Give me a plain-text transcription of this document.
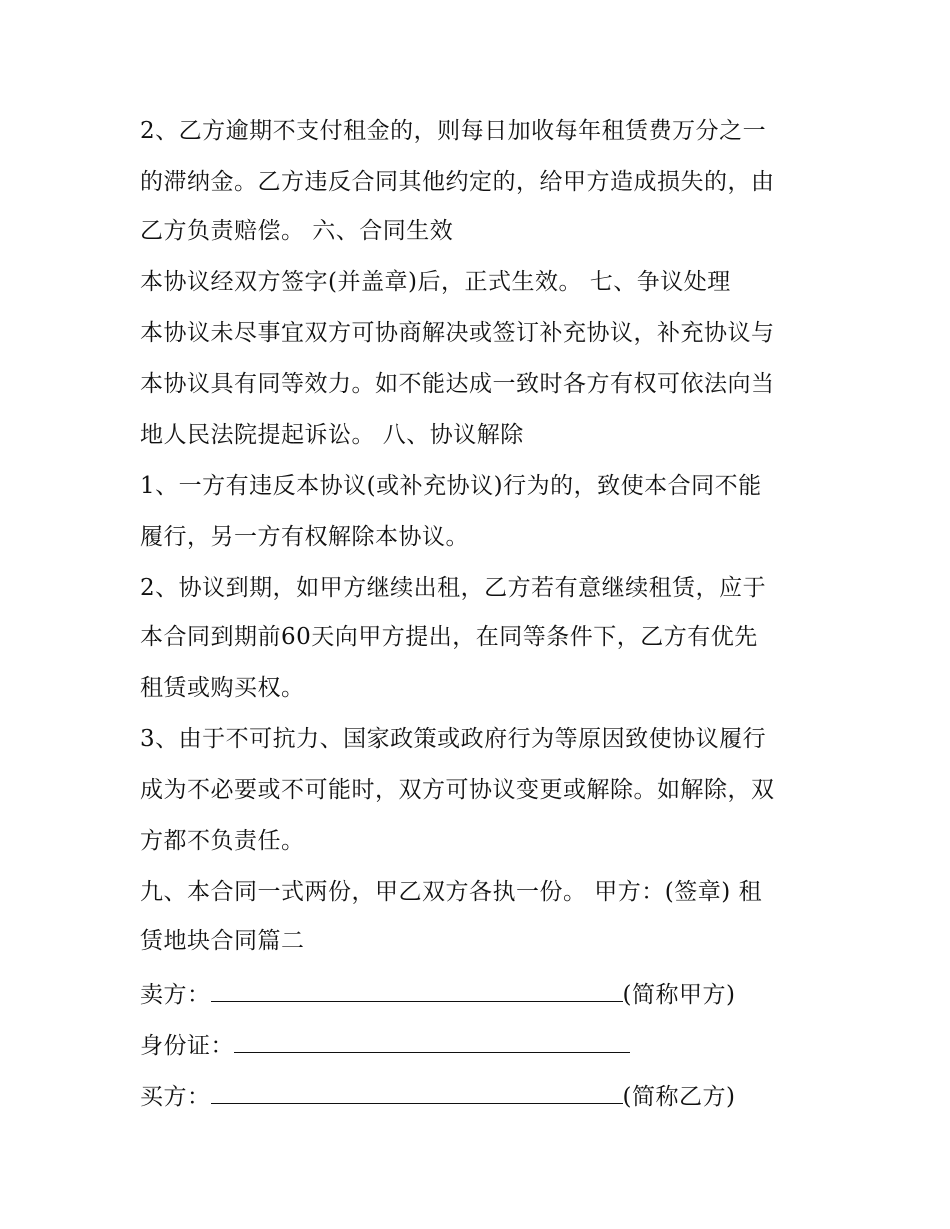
2、乙方逾期不支付租金的，则每日加收每年租赁费万分之一
的滞纳金。乙方违反合同其他约定的，给甲方造成损失的，由
乙方负责赔偿。 六、合同生效
本协议经双方签字(并盖章)后，正式生效。 七、争议处理
本协议未尽事宜双方可协商解决或签订补充协议，补充协议与
本协议具有同等效力。如不能达成一致时各方有权可依法向当
地人民法院提起诉讼。 八、协议解除
1、一方有违反本协议(或补充协议)行为的，致使本合同不能
履行，另一方有权解除本协议。
2、协议到期，如甲方继续出租，乙方若有意继续租赁，应于
本合同到期前60天向甲方提出，在同等条件下，乙方有优先
租赁或购买权。
3、由于不可抗力、国家政策或政府行为等原因致使协议履行
成为不必要或不可能时，双方可协议变更或解除。如解除，双
方都不负责任。
九、本合同一式两份，甲乙双方各执一份。 甲方：(签章) 租
赁地块合同篇二
卖方：	(简称甲方)
身份证：
买方：	(简称乙方)
